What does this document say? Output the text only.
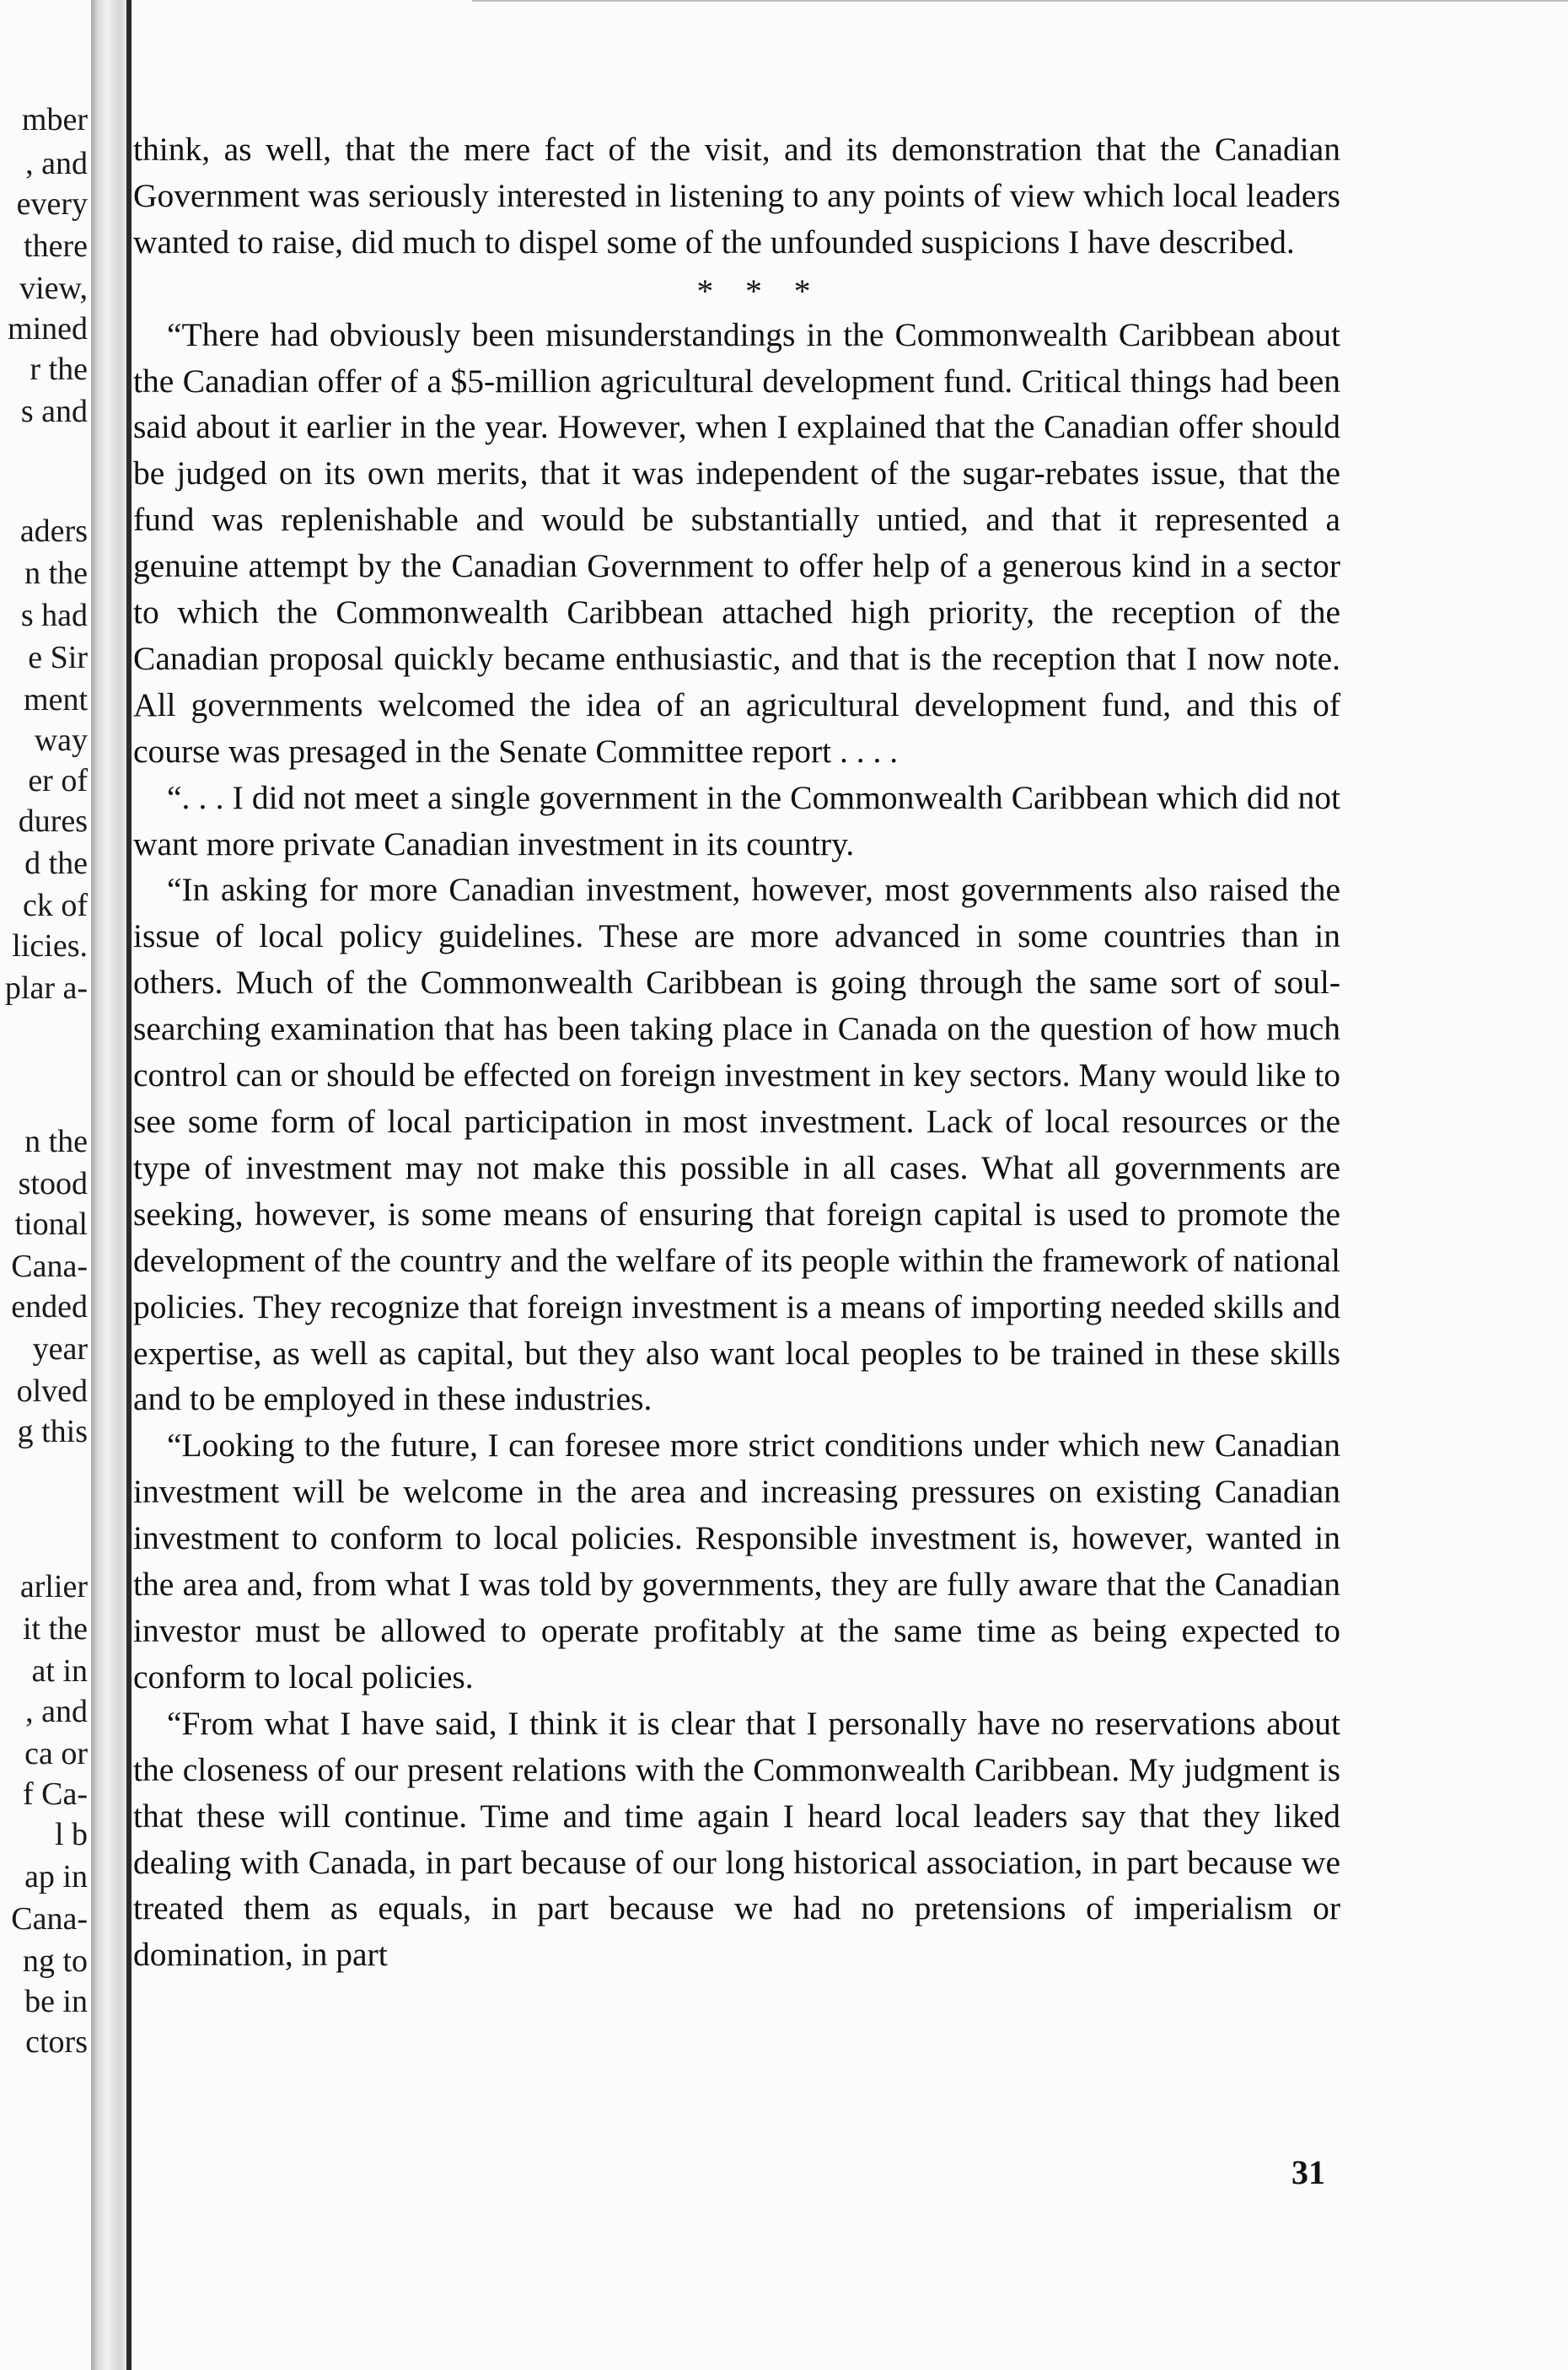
mber
, and
every
there
view,
mined
r the
s and
aders
n the
s had
e Sir
ment
way
er of
dures
d the
ck of
licies.
plar a-
n the
stood
tional
Cana-
ended
year
olved
g this
arlier
it the
at in
, and
ca or
f Ca-
l b
ap in
Cana-
ng to
be in
ctors

think, as well, that the mere fact of the visit, and its demonstration that the Canadian Government was seriously interested in listening to any points of view which local leaders wanted to raise, did much to dispel some of the unfounded suspicions I have described.

* * *

“There had obviously been misunderstandings in the Commonwealth Caribbean about the Canadian offer of a $5-million agricultural development fund. Critical things had been said about it earlier in the year. However, when I explained that the Canadian offer should be judged on its own merits, that it was independent of the sugar-rebates issue, that the fund was replenishable and would be substantially untied, and that it represented a genuine attempt by the Canadian Government to offer help of a generous kind in a sector to which the Commonwealth Caribbean attached high priority, the reception of the Canadian proposal quickly became enthusiastic, and that is the reception that I now note. All governments welcomed the idea of an agricultural development fund, and this of course was presaged in the Senate Committee report . . . .

“. . . I did not meet a single government in the Commonwealth Caribbean which did not want more private Canadian investment in its country.

“In asking for more Canadian investment, however, most governments also raised the issue of local policy guidelines. These are more advanced in some countries than in others. Much of the Commonwealth Caribbean is going through the same sort of soul-searching examination that has been taking place in Canada on the question of how much control can or should be effected on foreign investment in key sectors. Many would like to see some form of local participation in most investment. Lack of local resources or the type of investment may not make this possible in all cases. What all governments are seeking, however, is some means of ensuring that foreign capital is used to promote the development of the country and the welfare of its people within the framework of national policies. They recognize that foreign investment is a means of importing needed skills and expertise, as well as capital, but they also want local peoples to be trained in these skills and to be employed in these industries.

“Looking to the future, I can foresee more strict conditions under which new Canadian investment will be welcome in the area and increasing pressures on existing Canadian investment to conform to local policies. Responsible investment is, however, wanted in the area and, from what I was told by governments, they are fully aware that the Canadian investor must be allowed to operate profitably at the same time as being expected to conform to local policies.

“From what I have said, I think it is clear that I personally have no reservations about the closeness of our present relations with the Commonwealth Caribbean. My judgment is that these will continue. Time and time again I heard local leaders say that they liked dealing with Canada, in part because of our long historical association, in part because we treated them as equals, in part because we had no pretensions of imperialism or domination, in part

31
